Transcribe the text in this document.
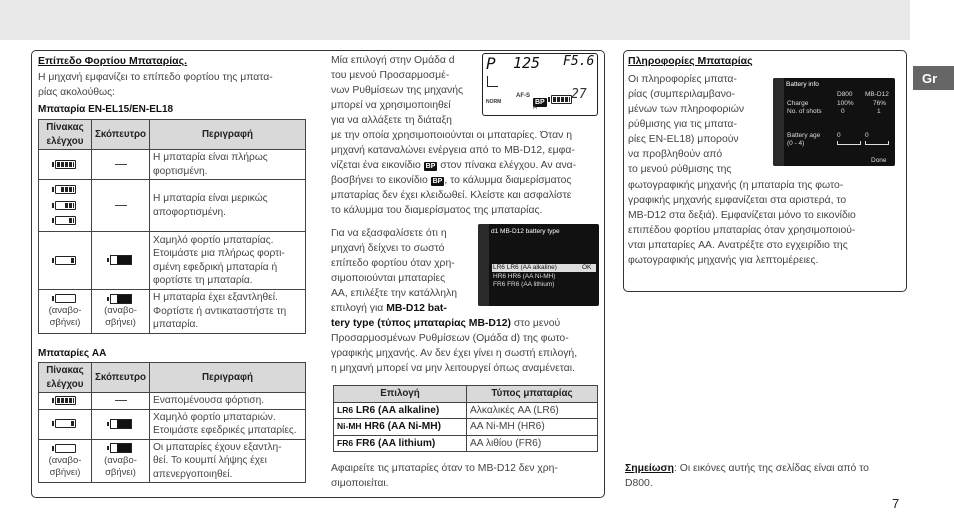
Gr
Επίπεδο Φορτίου Μπαταρίας.
Η μηχανή εμφανίζει το επίπεδο φορτίου της μπατα-
ρίας ακολούθως:
Μπαταρία EN-EL15/EN-EL18
Πίνακας ελέγχου	Σκόπευτρο	Περιγραφή

		Η μπαταρία είναι πλήρως
φορτισμένη.

		Η μπαταρία είναι μερικώς
αποφορτισμένη.

		Χαμηλό φορτίο μπαταρίας.
Ετοιμάστε μια πλήρως φορτι-
σμένη εφεδρική μπαταρία ή
φορτίστε τη μπαταρία.

(αναβο-σβήνει)	(αναβο-σβήνει)	Η μπαταρία έχει εξαντληθεί.
Φορτίστε ή αντικαταστήστε τη
μπαταρία.
Μπαταρίες AA
Πίνακας ελέγχου	Σκόπευτρο	Περιγραφή

		Εναπομένουσα φόρτιση.

		Χαμηλό φορτίο μπαταριών.
Ετοιμάστε εφεδρικές μπαταρίες.

(αναβο-σβήνει)	(αναβο-σβήνει)	Οι μπαταρίες έχουν εξαντλη-
θεί. Το κουμπί λήψης έχει
απενεργοποιηθεί.
Μία επιλογή στην Ομάδα d
του μενού Προσαρμοσμέ-
νων Ρυθμίσεων της μηχανής
μπορεί να χρησιμοποιηθεί
για να αλλάξετε τη διάταξη
P 125 F5.6
NORM
AF-S
BP
27
A
με την οποία χρησιμοποιούνται οι μπαταρίες. Όταν η
μηχανή καταναλώνει ενέργεια από το MB-D12, εμφα-
νίζεται ένα εικονίδιο BP στον πίνακα ελέγχου. Αν ανα-
βοσβήνει το εικονίδιο BP , το κάλυμμα διαμερίσματος
μπαταρίας δεν έχει κλειδωθεί. Κλείστε και ασφαλίστε
το κάλυμμα του διαμερίσματος της μπαταρίας.
Για να εξασφαλίσετε ότι η
μηχανή δείχνει το σωστό
επίπεδο φορτίου όταν χρη-
σιμοποιούνται μπαταρίες
AA, επιλέξτε την κατάλληλη
επιλογή για MB-D12 bat-
d1 MB-D12 battery type
LR6 LR6 (AA alkaline)	OK
HR6 HR6 (AA Ni-MH)
FR6 FR6 (AA lithium)
tery type (τύπος μπαταρίας MB-D12) στο μενού
Προσαρμοσμένων Ρυθμίσεων (Ομάδα d) της φωτο-
γραφικής μηχανής. Αν δεν έχει γίνει η σωστή επιλογή,
η μηχανή μπορεί να μην λειτουργεί όπως αναμένεται.
Επιλογή	Τύπος μπαταρίας
LR6 LR6 (AA alkaline)	Αλκαλικές AA (LR6)
Ni-MH HR6 (AA Ni-MH)	AA Ni-MH (HR6)
FR6 FR6 (AA lithium)	AA λιθίου (FR6)
Αφαιρείτε τις μπαταρίες όταν το MB-D12 δεν χρη-
σιμοποιείται.
Πληροφορίες Μπαταρίας
Οι πληροφορίες μπατα-
ρίας (συμπεριλαμβανο-
μένων των πληροφοριών
ρύθμισης για τις μπατα-
ρίες EN-EL18) μπορούν
να προβληθούν από
το μενού ρύθμισης της
Battery info
D800 MB-D12
Charge	100%	76%
No. of shots	0	1
Battery age
(0 - 4)
0	0
Done
φωτογραφικής μηχανής (η μπαταρία της φωτο-
γραφικής μηχανής εμφανίζεται στα αριστερά, το
MB-D12 στα δεξιά). Εμφανίζεται μόνο το εικονίδιο
επιπέδου φορτίου μπαταρίας όταν χρησιμοποιού-
νται μπαταρίες AA. Ανατρέξτε στο εγχειρίδιο της
φωτογραφικής μηχανής για λεπτομέρειες.
Σημείωση: Οι εικόνες αυτής της σελίδας είναι από το
D800.
7
